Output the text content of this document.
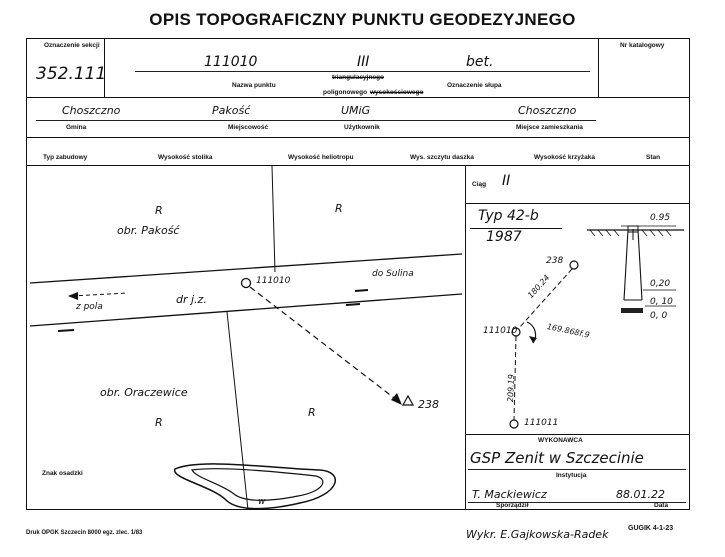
OPIS TOPOGRAFICZNY PUNKTU GEODEZYJNEGO
Oznaczenie sekcji
352.111
111010	III	bet.
Nazwa punktu
triangulacyjnego
poligonowego wysokościowego
Oznaczenie słupa
Nr katalogowy
Choszczno	Pakość	UMiG	Choszczno
Gmina	Miejscowość	Użytkownik	Miejsce zamieszkania
Typ zabudowy	Wysokość stolika	Wysokość heliotropu	Wys. szczytu daszka	Wysokość krzyżaka	Stan
R	R
R
R
obr. Pakość
obr. Oraczewice
dr j.z.
z pola
do Sulina
111010
238
w
Znak osadzki
Ciąg II
Typ 42-b
1987
0.95
0,20
0, 10
0, 0
238
111010
111011
180.24
169.868f.9
209.19
WYKONAWCA
GSP Zenit w Szczecinie
Instytucja
T. Mackiewicz	88.01.22
Sporządził	Data
Druk OPGK Szczecin 8000 egz. zlec. 1/83	Wykr. E.Gajkowska-Radek	GUGIK 4-1-23
